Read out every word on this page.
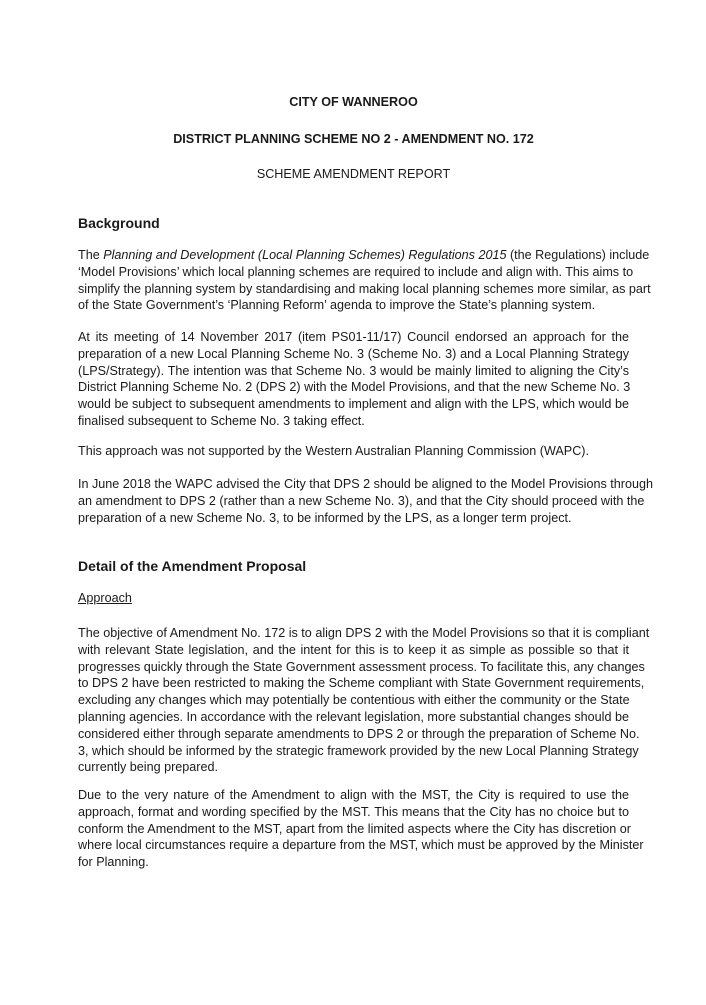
CITY OF WANNEROO

DISTRICT PLANNING SCHEME NO 2 - AMENDMENT NO. 172

SCHEME AMENDMENT REPORT

Background

The Planning and Development (Local Planning Schemes) Regulations 2015 (the Regulations) include
‘Model Provisions’ which local planning schemes are required to include and align with. This aims to
simplify the planning system by standardising and making local planning schemes more similar, as part
of the State Government’s ‘Planning Reform’ agenda to improve the State’s planning system.
At its meeting of 14 November 2017 (item PS01-11/17) Council endorsed an approach for the
preparation of a new Local Planning Scheme No. 3 (Scheme No. 3) and a Local Planning Strategy
(LPS/Strategy). The intention was that Scheme No. 3 would be mainly limited to aligning the City’s
District Planning Scheme No. 2 (DPS 2) with the Model Provisions, and that the new Scheme No. 3
would be subject to subsequent amendments to implement and align with the LPS, which would be
finalised subsequent to Scheme No. 3 taking effect.
This approach was not supported by the Western Australian Planning Commission (WAPC).
In June 2018 the WAPC advised the City that DPS 2 should be aligned to the Model Provisions through
an amendment to DPS 2 (rather than a new Scheme No. 3), and that the City should proceed with the
preparation of a new Scheme No. 3, to be informed by the LPS, as a longer term project.

Detail of the Amendment Proposal

Approach

The objective of Amendment No. 172 is to align DPS 2 with the Model Provisions so that it is compliant
with relevant State legislation, and the intent for this is to keep it as simple as possible so that it
progresses quickly through the State Government assessment process. To facilitate this, any changes
to DPS 2 have been restricted to making the Scheme compliant with State Government requirements,
excluding any changes which may potentially be contentious with either the community or the State
planning agencies. In accordance with the relevant legislation, more substantial changes should be
considered either through separate amendments to DPS 2 or through the preparation of Scheme No.
3, which should be informed by the strategic framework provided by the new Local Planning Strategy
currently being prepared.
Due to the very nature of the Amendment to align with the MST, the City is required to use the
approach, format and wording specified by the MST. This means that the City has no choice but to
conform the Amendment to the MST, apart from the limited aspects where the City has discretion or
where local circumstances require a departure from the MST, which must be approved by the Minister
for Planning.
